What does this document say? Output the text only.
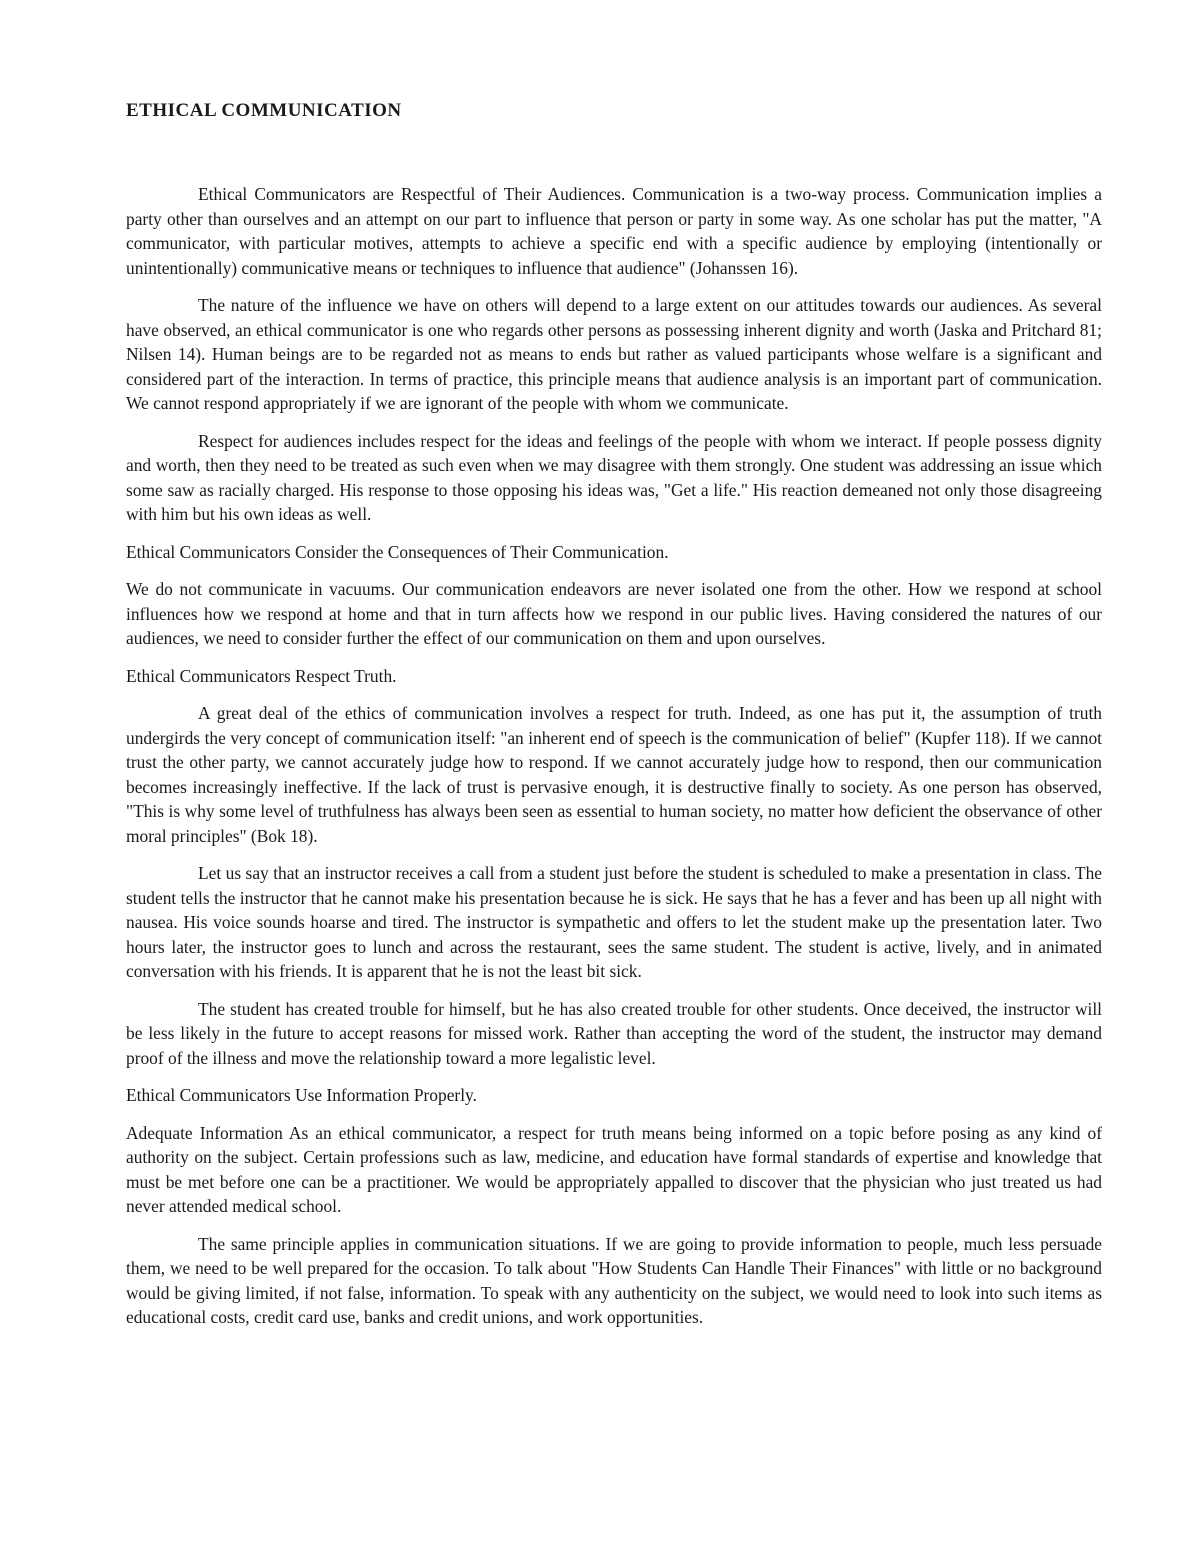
ETHICAL COMMUNICATION

Ethical Communicators are Respectful of Their Audiences. Communication is a two-way process. Communication implies a party other than ourselves and an attempt on our part to influence that person or party in some way. As one scholar has put the matter, "A communicator, with particular motives, attempts to achieve a specific end with a specific audience by employing (intentionally or unintentionally) communicative means or techniques to influence that audience" (Johanssen 16).

The nature of the influence we have on others will depend to a large extent on our attitudes towards our audiences. As several have observed, an ethical communicator is one who regards other persons as possessing inherent dignity and worth (Jaska and Pritchard 81; Nilsen 14). Human beings are to be regarded not as means to ends but rather as valued participants whose welfare is a significant and considered part of the interaction. In terms of practice, this principle means that audience analysis is an important part of communication. We cannot respond appropriately if we are ignorant of the people with whom we communicate.

Respect for audiences includes respect for the ideas and feelings of the people with whom we interact. If people possess dignity and worth, then they need to be treated as such even when we may disagree with them strongly. One student was addressing an issue which some saw as racially charged. His response to those opposing his ideas was, "Get a life." His reaction demeaned not only those disagreeing with him but his own ideas as well.

Ethical Communicators Consider the Consequences of Their Communication.

We do not communicate in vacuums. Our communication endeavors are never isolated one from the other. How we respond at school influences how we respond at home and that in turn affects how we respond in our public lives. Having considered the natures of our audiences, we need to consider further the effect of our communication on them and upon ourselves.

Ethical Communicators Respect Truth.

A great deal of the ethics of communication involves a respect for truth. Indeed, as one has put it, the assumption of truth undergirds the very concept of communication itself: "an inherent end of speech is the communication of belief" (Kupfer 118). If we cannot trust the other party, we cannot accurately judge how to respond. If we cannot accurately judge how to respond, then our communication becomes increasingly ineffective. If the lack of trust is pervasive enough, it is destructive finally to society. As one person has observed, "This is why some level of truthfulness has always been seen as essential to human society, no matter how deficient the observance of other moral principles" (Bok 18).

Let us say that an instructor receives a call from a student just before the student is scheduled to make a presentation in class. The student tells the instructor that he cannot make his presentation because he is sick. He says that he has a fever and has been up all night with nausea. His voice sounds hoarse and tired. The instructor is sympathetic and offers to let the student make up the presentation later. Two hours later, the instructor goes to lunch and across the restaurant, sees the same student. The student is active, lively, and in animated conversation with his friends. It is apparent that he is not the least bit sick.

The student has created trouble for himself, but he has also created trouble for other students. Once deceived, the instructor will be less likely in the future to accept reasons for missed work. Rather than accepting the word of the student, the instructor may demand proof of the illness and move the relationship toward a more legalistic level.

Ethical Communicators Use Information Properly.

Adequate Information As an ethical communicator, a respect for truth means being informed on a topic before posing as any kind of authority on the subject. Certain professions such as law, medicine, and education have formal standards of expertise and knowledge that must be met before one can be a practitioner. We would be appropriately appalled to discover that the physician who just treated us had never attended medical school.

The same principle applies in communication situations. If we are going to provide information to people, much less persuade them, we need to be well prepared for the occasion. To talk about "How Students Can Handle Their Finances" with little or no background would be giving limited, if not false, information. To speak with any authenticity on the subject, we would need to look into such items as educational costs, credit card use, banks and credit unions, and work opportunities.
